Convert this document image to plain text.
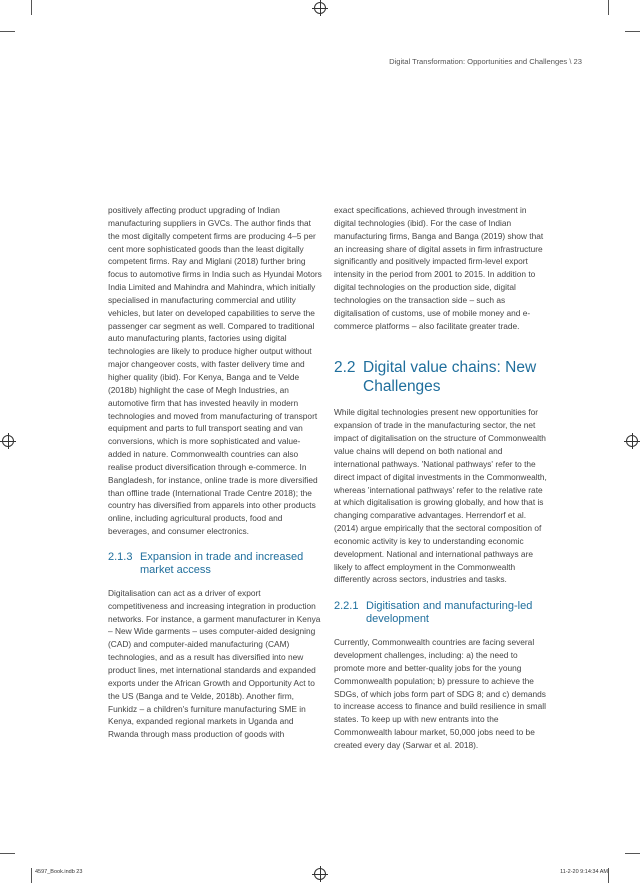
Digital Transformation: Opportunities and Challenges \ 23

positively affecting product upgrading of Indian manufacturing suppliers in GVCs. The author finds that the most digitally competent firms are producing 4–5 per cent more sophisticated goods than the least digitally competent firms. Ray and Miglani (2018) further bring focus to automotive firms in India such as Hyundai Motors India Limited and Mahindra and Mahindra, which initially specialised in manufacturing commercial and utility vehicles, but later on developed capabilities to serve the passenger car segment as well. Compared to traditional auto manufacturing plants, factories using digital technologies are likely to produce higher output without major changeover costs, with faster delivery time and higher quality (ibid). For Kenya, Banga and te Velde (2018b) highlight the case of Megh Industries, an automotive firm that has invested heavily in modern technologies and moved from manufacturing of transport equipment and parts to full transport seating and van conversions, which is more sophisticated and value-added in nature. Commonwealth countries can also realise product diversification through e-commerce. In Bangladesh, for instance, online trade is more diversified than offline trade (International Trade Centre 2018); the country has diversified from apparels into other products online, including agricultural products, food and beverages, and consumer electronics.

2.1.3 Expansion in trade and increased market access

Digitalisation can act as a driver of export competitiveness and increasing integration in production networks. For instance, a garment manufacturer in Kenya – New Wide garments – uses computer-aided designing (CAD) and computer-aided manufacturing (CAM) technologies, and as a result has diversified into new product lines, met international standards and expanded exports under the African Growth and Opportunity Act to the US (Banga and te Velde, 2018b). Another firm, Funkidz – a children's furniture manufacturing SME in Kenya, expanded regional markets in Uganda and Rwanda through mass production of goods with

exact specifications, achieved through investment in digital technologies (ibid). For the case of Indian manufacturing firms, Banga and Banga (2019) show that an increasing share of digital assets in firm infrastructure significantly and positively impacted firm-level export intensity in the period from 2001 to 2015. In addition to digital technologies on the production side, digital technologies on the transaction side – such as digitalisation of customs, use of mobile money and e-commerce platforms – also facilitate greater trade.

2.2 Digital value chains: New Challenges

While digital technologies present new opportunities for expansion of trade in the manufacturing sector, the net impact of digitalisation on the structure of Commonwealth value chains will depend on both national and international pathways. 'National pathways' refer to the direct impact of digital investments in the Commonwealth, whereas 'international pathways' refer to the relative rate at which digitalisation is growing globally, and how that is changing comparative advantages. Herrendorf et al. (2014) argue empirically that the sectoral composition of economic activity is key to understanding economic development. National and international pathways are likely to affect employment in the Commonwealth differently across sectors, industries and tasks.

2.2.1 Digitisation and manufacturing-led development

Currently, Commonwealth countries are facing several development challenges, including: a) the need to promote more and better-quality jobs for the young Commonwealth population; b) pressure to achieve the SDGs, of which jobs form part of SDG 8; and c) demands to increase access to finance and build resilience in small states. To keep up with new entrants into the Commonwealth labour market, 50,000 jobs need to be created every day (Sarwar et al. 2018).

4597_Book.indb 23	11-2-20 9:14:34 AM
